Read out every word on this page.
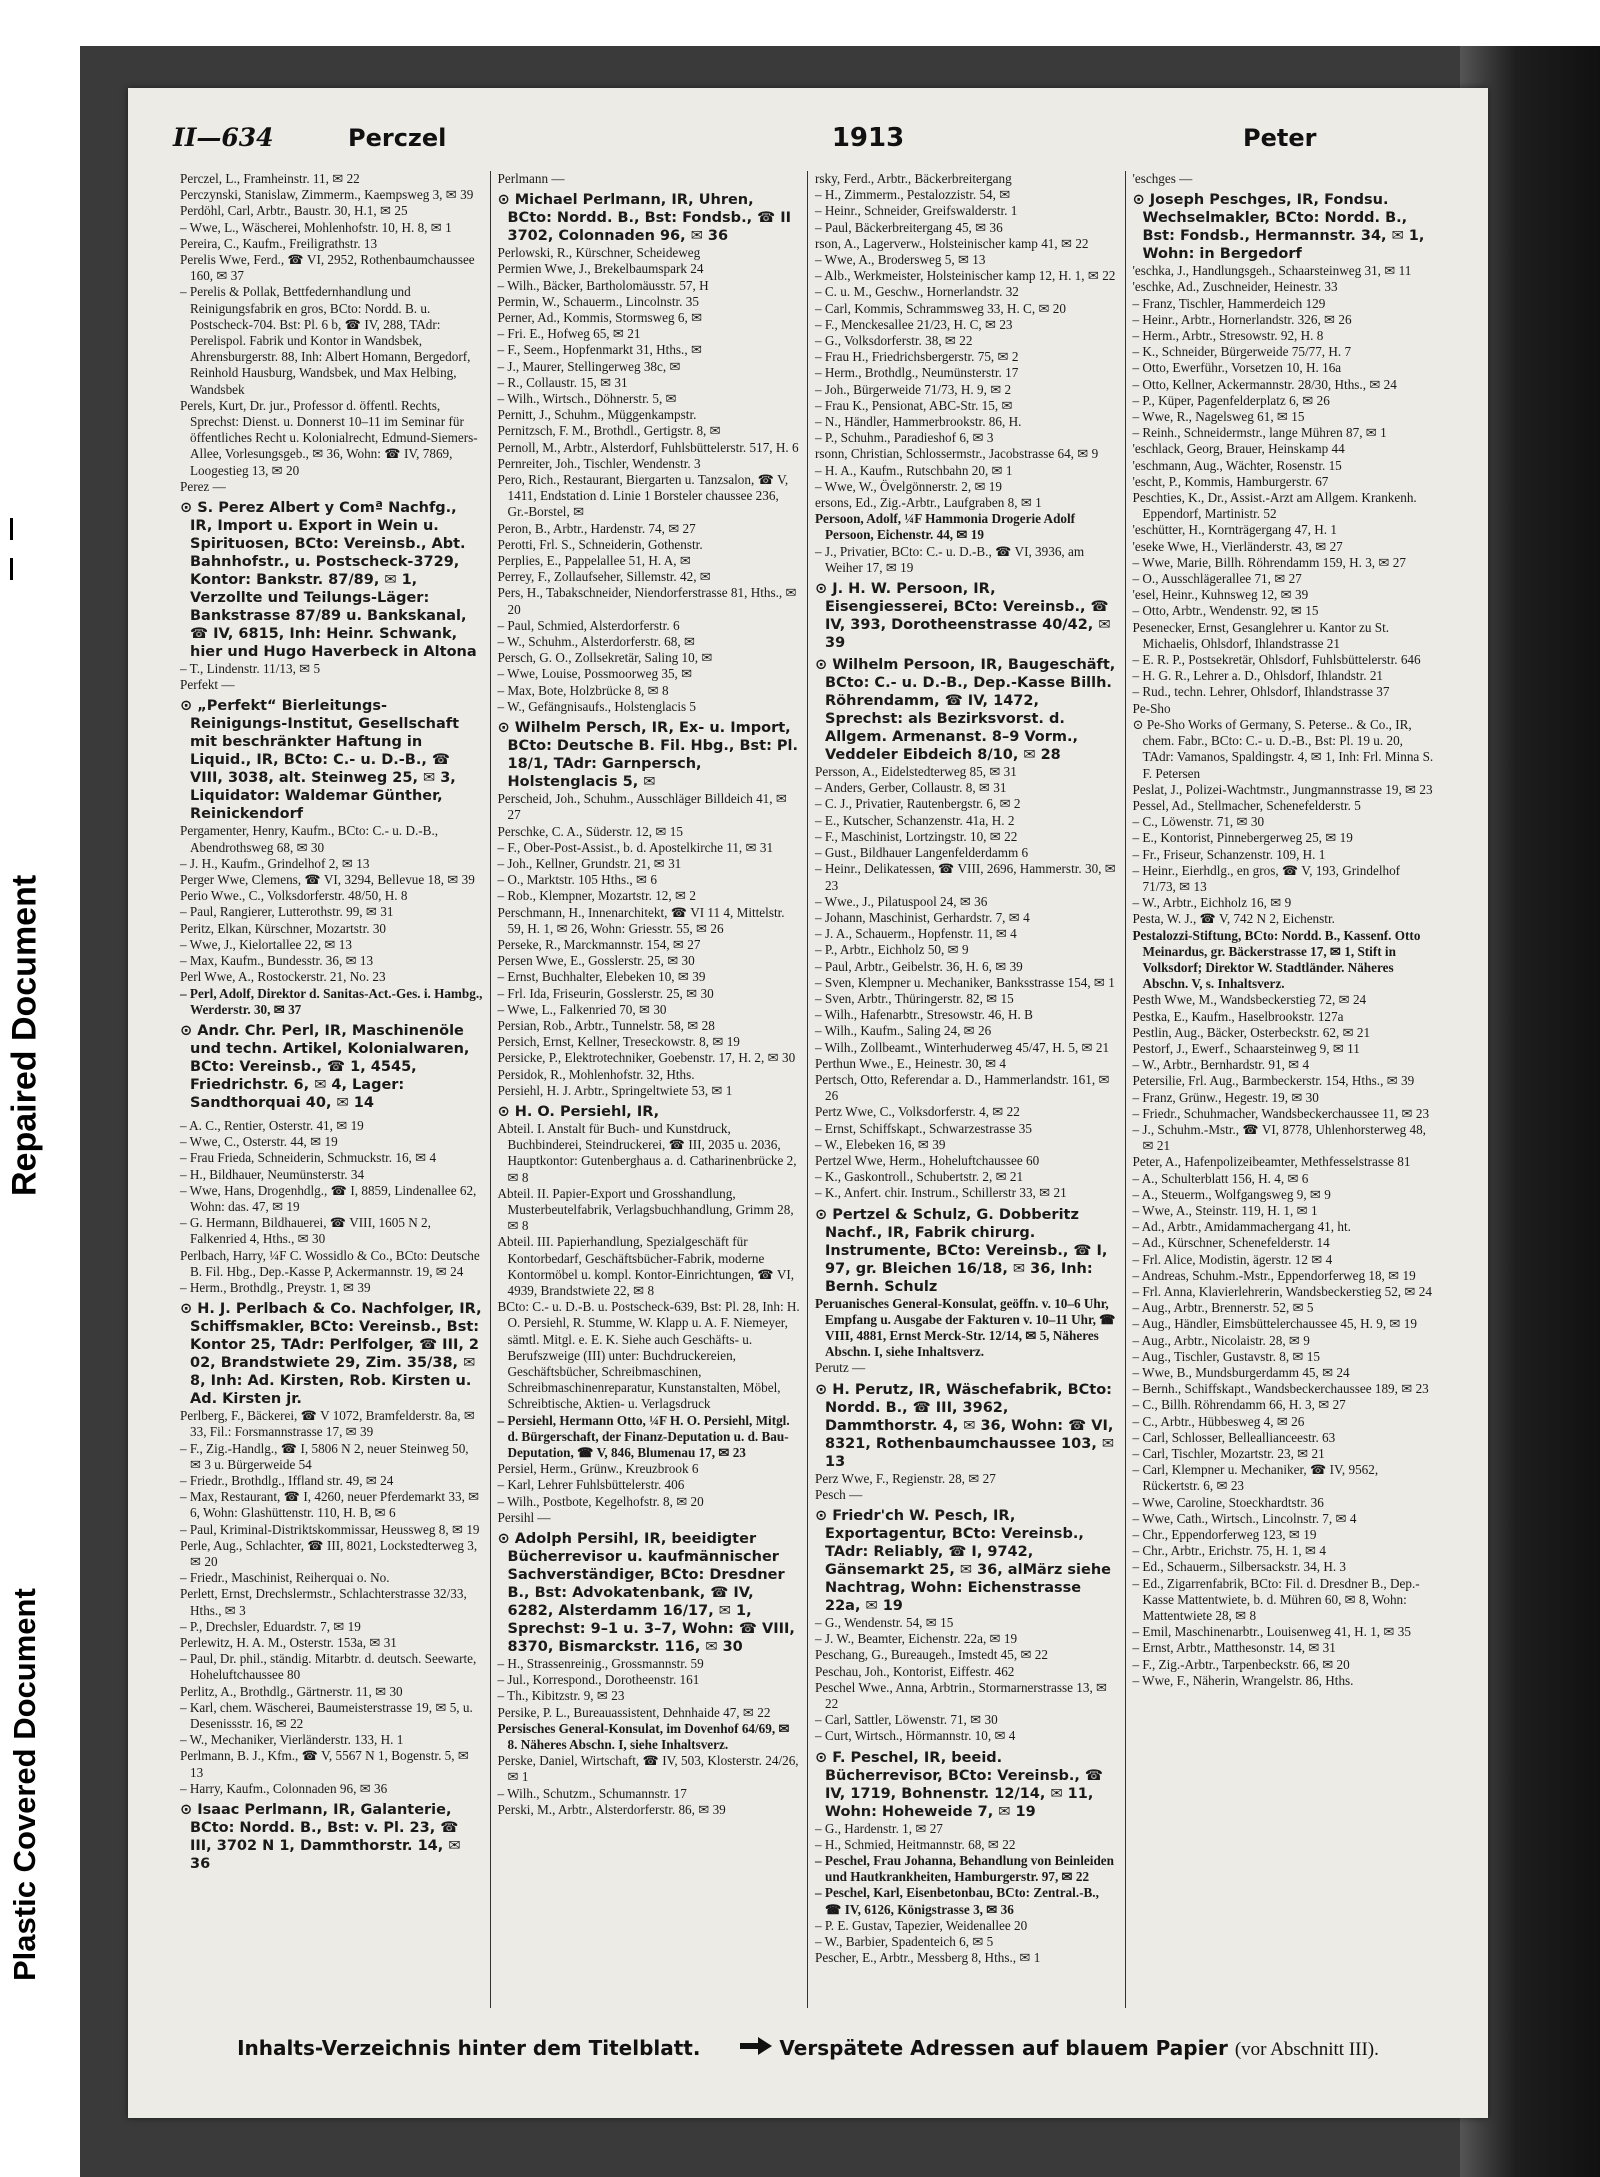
Repaired Document
Plastic Covered Document
II—634	Perczel	1913	Peter

Perczel, L., Framheinstr. 11, ✉ 22

Perczynski, Stanislaw, Zimmerm., Kaempsweg 3, ✉ 39

Perdöhl, Carl, Arbtr., Baustr. 30, H.1, ✉ 25

– Wwe, L., Wäscherei, Mohlenhofstr. 10, H. 8, ✉ 1

Pereira, C., Kaufm., Freiligrathstr. 13

Perelis Wwe, Ferd., ☎ VI, 2952, Rothenbaumchaussee 160, ✉ 37

– Perelis & Pollak, Bettfedernhandlung und Reinigungsfabrik en gros, BCto: Nordd. B. u. Postscheck-704. Bst: Pl. 6 b, ☎ IV, 288, TAdr: Perelispol. Fabrik und Kontor in Wandsbek, Ahrensburgerstr. 88, Inh: Albert Homann, Bergedorf, Reinhold Hausburg, Wandsbek, und Max Helbing, Wandsbek

Perels, Kurt, Dr. jur., Professor d. öffentl. Rechts, Sprechst: Dienst. u. Donnerst 10–11 im Seminar für öffentliches Recht u. Kolonialrecht, Edmund-Siemers-Allee, Vorlesungsgeb., ✉ 36, Wohn: ☎ IV, 7869, Loogestieg 13, ✉ 20

Perez —

⊙ S. Perez Albert y Comª Nachfg., IR, Import u. Export in Wein u. Spirituosen, BCto: Vereinsb., Abt. Bahnhofstr., u. Postscheck-3729, Kontor: Bankstr. 87/89, ✉ 1, Verzollte und Teilungs-Läger: Bankstrasse 87/89 u. Bankskanal, ☎ IV, 6815, Inh: Heinr. Schwank, hier und Hugo Haverbeck in Altona

– T., Lindenstr. 11/13, ✉ 5

Perfekt —

⊙ „Perfekt“ Bierleitungs-Reinigungs-Institut, Gesellschaft mit beschränkter Haftung in Liquid., IR, BCto: C.- u. D.-B., ☎ VIII, 3038, alt. Steinweg 25, ✉ 3, Liquidator: Waldemar Günther, Reinickendorf

Pergamenter, Henry, Kaufm., BCto: C.- u. D.-B., Abendrothsweg 68, ✉ 30

– J. H., Kaufm., Grindelhof 2, ✉ 13

Perger Wwe, Clemens, ☎ VI, 3294, Bellevue 18, ✉ 39

Perio Wwe., C., Volksdorferstr. 48/50, H. 8

– Paul, Rangierer, Lutterothstr. 99, ✉ 31

Peritz, Elkan, Kürschner, Mozartstr. 30

– Wwe, J., Kielortallee 22, ✉ 13

– Max, Kaufm., Bundesstr. 36, ✉ 13

Perl Wwe, A., Rostockerstr. 21, No. 23

– Perl, Adolf, Direktor d. Sanitas-Act.-Ges. i. Hambg., Werderstr. 30, ✉ 37

⊙ Andr. Chr. Perl, IR, Maschinenöle und techn. Artikel, Kolonialwaren, BCto: Vereinsb., ☎ 1, 4545, Friedrichstr. 6, ✉ 4, Lager: Sandthorquai 40, ✉ 14

– A. C., Rentier, Osterstr. 41, ✉ 19

– Wwe, C., Osterstr. 44, ✉ 19

– Frau Frieda, Schneiderin, Schmuckstr. 16, ✉ 4

– H., Bildhauer, Neumünsterstr. 34

– Wwe, Hans, Drogenhdlg., ☎ I, 8859, Lindenallee 62, Wohn: das. 47, ✉ 19

– G. Hermann, Bildhauerei, ☎ VIII, 1605 N 2, Falkenried 4, Hths., ✉ 30

Perlbach, Harry, ¼F C. Wossidlo & Co., BCto: Deutsche B. Fil. Hbg., Dep.-Kasse P, Ackermannstr. 19, ✉ 24

– Herm., Brothdlg., Preystr. 1, ✉ 39

⊙ H. J. Perlbach & Co. Nachfolger, IR, Schiffsmakler, BCto: Vereinsb., Bst: Kontor 25, TAdr: Perlfolger, ☎ III, 2 02, Brandstwiete 29, Zim. 35/38, ✉ 8, Inh: Ad. Kirsten, Rob. Kirsten u. Ad. Kirsten jr.

Perlberg, F., Bäckerei, ☎ V 1072, Bramfelderstr. 8a, ✉ 33, Fil.: Forsmannstrasse 17, ✉ 39

– F., Zig.-Handlg., ☎ I, 5806 N 2, neuer Steinweg 50, ✉ 3 u. Bürgerweide 54

– Friedr., Brothdlg., Iffland str. 49, ✉ 24

– Max, Restaurant, ☎ I, 4260, neuer Pferdemarkt 33, ✉ 6, Wohn: Glashüttenstr. 110, H. B, ✉ 6

– Paul, Kriminal-Distriktskommissar, Heussweg 8, ✉ 19

Perle, Aug., Schlachter, ☎ III, 8021, Lockstedterweg 3, ✉ 20

– Friedr., Maschinist, Reiherquai o. No.

Perlett, Ernst, Drechslermstr., Schlachterstrasse 32/33, Hths., ✉ 3

– P., Drechsler, Eduardstr. 7, ✉ 19

Perlewitz, H. A. M., Osterstr. 153a, ✉ 31

– Paul, Dr. phil., ständig. Mitarbtr. d. deutsch. Seewarte, Hoheluftchaussee 80

Perlitz, A., Brothdlg., Gärtnerstr. 11, ✉ 30

– Karl, chem. Wäscherei, Baumeisterstrasse 19, ✉ 5, u. Desenissstr. 16, ✉ 22

– W., Mechaniker, Vierländerstr. 133, H. 1

Perlmann, B. J., Kfm., ☎ V, 5567 N 1, Bogenstr. 5, ✉ 13

– Harry, Kaufm., Colonnaden 96, ✉ 36

⊙ Isaac Perlmann, IR, Galanterie, BCto: Nordd. B., Bst: v. Pl. 23, ☎ III, 3702 N 1, Dammthorstr. 14, ✉ 36

Perlmann —

⊙ Michael Perlmann, IR, Uhren, BCto: Nordd. B., Bst: Fondsb., ☎ II 3702, Colonnaden 96, ✉ 36

Perlowski, R., Kürschner, Scheideweg

Permien Wwe, J., Brekelbaumspark 24

– Wilh., Bäcker, Bartholomäusstr. 57, H

Permin, W., Schauerm., Lincolnstr. 35

Perner, Ad., Kommis, Stormsweg 6, ✉

– Fri. E., Hofweg 65, ✉ 21

– F., Seem., Hopfenmarkt 31, Hths., ✉

– J., Maurer, Stellingerweg 38c, ✉

– R., Collaustr. 15, ✉ 31

– Wilh., Wirtsch., Döhnerstr. 5, ✉

Pernitt, J., Schuhm., Müggenkampstr.

Pernitzsch, F. M., Brothdl., Gertigstr. 8, ✉

Pernoll, M., Arbtr., Alsterdorf, Fuhlsbüttelerstr. 517, H. 6

Pernreiter, Joh., Tischler, Wendenstr. 3

Pero, Rich., Restaurant, Biergarten u. Tanzsalon, ☎ V, 1411, Endstation d. Linie 1 Borsteler chaussee 236, Gr.-Borstel, ✉

Peron, B., Arbtr., Hardenstr. 74, ✉ 27

Perotti, Frl. S., Schneiderin, Gothenstr.

Perplies, E., Pappelallee 51, H. A, ✉

Perrey, F., Zollaufseher, Sillemstr. 42, ✉

Pers, H., Tabakschneider, Niendorferstrasse 81, Hths., ✉ 20

– Paul, Schmied, Alsterdorferstr. 6

– W., Schuhm., Alsterdorferstr. 68, ✉

Persch, G. O., Zollsekretär, Saling 10, ✉

– Wwe, Louise, Possmoorweg 35, ✉

– Max, Bote, Holzbrücke 8, ✉ 8

– W., Gefängnisaufs., Holstenglacis 5

⊙ Wilhelm Persch, IR, Ex- u. Import, BCto: Deutsche B. Fil. Hbg., Bst: Pl. 18/1, TAdr: Garnpersch, Holstenglacis 5, ✉

Perscheid, Joh., Schuhm., Ausschläger Billdeich 41, ✉ 27

Perschke, C. A., Süderstr. 12, ✉ 15

– F., Ober-Post-Assist., b. d. Apostelkirche 11, ✉ 31

– Joh., Kellner, Grundstr. 21, ✉ 31

– O., Marktstr. 105 Hths., ✉ 6

– Rob., Klempner, Mozartstr. 12, ✉ 2

Perschmann, H., Innenarchitekt, ☎ VI 11 4, Mittelstr. 59, H. 1, ✉ 26, Wohn: Griesstr. 55, ✉ 26

Perseke, R., Marckmannstr. 154, ✉ 27

Persen Wwe, E., Gosslerstr. 25, ✉ 30

– Ernst, Buchhalter, Elebeken 10, ✉ 39

– Frl. Ida, Friseurin, Gosslerstr. 25, ✉ 30

– Wwe, L., Falkenried 70, ✉ 30

Persian, Rob., Arbtr., Tunnelstr. 58, ✉ 28

Persich, Ernst, Kellner, Treseckowstr. 8, ✉ 19

Persicke, P., Elektrotechniker, Goebenstr. 17, H. 2, ✉ 30

Persidok, R., Mohlenhofstr. 32, Hths.

Persiehl, H. J. Arbtr., Springeltwiete 53, ✉ 1

⊙ H. O. Persiehl, IR,

Abteil. I. Anstalt für Buch- und Kunstdruck, Buchbinderei, Steindruckerei, ☎ III, 2035 u. 2036, Hauptkontor: Gutenberghaus a. d. Catharinenbrücke 2, ✉ 8

Abteil. II. Papier-Export und Grosshandlung, Musterbeutelfabrik, Verlagsbuchhandlung, Grimm 28, ✉ 8

Abteil. III. Papierhandlung, Spezialgeschäft für Kontorbedarf, Geschäftsbücher-Fabrik, moderne Kontormöbel u. kompl. Kontor-Einrichtungen, ☎ VI, 4939, Brandstwiete 22, ✉ 8

BCto: C.- u. D.-B. u. Postscheck-639, Bst: Pl. 28, Inh: H. O. Persiehl, R. Stumme, W. Klapp u. A. F. Niemeyer, sämtl. Mitgl. e. E. K. Siehe auch Geschäfts- u. Berufszweige (III) unter: Buchdruckereien, Geschäftsbücher, Schreibmaschinen, Schreibmaschinenreparatur, Kunstanstalten, Möbel, Schreibtische, Aktien- u. Verlagsdruck

– Persiehl, Hermann Otto, ¼F H. O. Persiehl, Mitgl. d. Bürgerschaft, der Finanz-Deputation u. d. Bau-Deputation, ☎ V, 846, Blumenau 17, ✉ 23

Persiel, Herm., Grünw., Kreuzbrook 6

– Karl, Lehrer Fuhlsbüttelerstr. 406

– Wilh., Postbote, Kegelhofstr. 8, ✉ 20

Persihl —

⊙ Adolph Persihl, IR, beeidigter Bücherrevisor u. kaufmännischer Sachverständiger, BCto: Dresdner B., Bst: Advokatenbank, ☎ IV, 6282, Alsterdamm 16/17, ✉ 1, Sprechst: 9–1 u. 3–7, Wohn: ☎ VIII, 8370, Bismarckstr. 116, ✉ 30

– H., Strassenreinig., Grossmannstr. 59

– Jul., Korrespond., Dorotheenstr. 161

– Th., Kibitzstr. 9, ✉ 23

Persike, P. L., Bureauassistent, Dehnhaide 47, ✉ 22

Persisches General-Konsulat, im Dovenhof 64/69, ✉ 8. Näheres Abschn. I, siehe Inhaltsverz.

Perske, Daniel, Wirtschaft, ☎ IV, 503, Klosterstr. 24/26, ✉ 1

– Wilh., Schutzm., Schumannstr. 17

Perski, M., Arbtr., Alsterdorferstr. 86, ✉ 39

rsky, Ferd., Arbtr., Bäckerbreitergang

– H., Zimmerm., Pestalozzistr. 54, ✉

– Heinr., Schneider, Greifswalderstr. 1

– Paul, Bäckerbreitergang 45, ✉ 36

rson, A., Lagerverw., Holsteinischer kamp 41, ✉ 22

– Wwe, A., Brodersweg 5, ✉ 13

– Alb., Werkmeister, Holsteinischer kamp 12, H. 1, ✉ 22

– C. u. M., Geschw., Hornerlandstr. 32

– Carl, Kommis, Schrammsweg 33, H. C, ✉ 20

– F., Menckesallee 21/23, H. C, ✉ 23

– G., Volksdorferstr. 38, ✉ 22

– Frau H., Friedrichsbergerstr. 75, ✉ 2

– Herm., Brothdlg., Neumünsterstr. 17

– Joh., Bürgerweide 71/73, H. 9, ✉ 2

– Frau K., Pensionat, ABC-Str. 15, ✉

– N., Händler, Hammerbrookstr. 86, H.

– P., Schuhm., Paradieshof 6, ✉ 3

rsonn, Christian, Schlossermstr., Jacobstrasse 64, ✉ 9

– H. A., Kaufm., Rutschbahn 20, ✉ 1

– Wwe, W., Övelgönnerstr. 2, ✉ 19

ersons, Ed., Zig.-Arbtr., Laufgraben 8, ✉ 1

Persoon, Adolf, ¼F Hammonia Drogerie Adolf Persoon, Eichenstr. 44, ✉ 19

– J., Privatier, BCto: C.- u. D.-B., ☎ VI, 3936, am Weiher 17, ✉ 19

⊙ J. H. W. Persoon, IR, Eisengiesserei, BCto: Vereinsb., ☎ IV, 393, Dorotheenstrasse 40/42, ✉ 39

⊙ Wilhelm Persoon, IR, Baugeschäft, BCto: C.- u. D.-B., Dep.-Kasse Billh. Röhrendamm, ☎ IV, 1472, Sprechst: als Bezirksvorst. d. Allgem. Armenanst. 8–9 Vorm., Veddeler Eibdeich 8/10, ✉ 28

Persson, A., Eidelstedterweg 85, ✉ 31

– Anders, Gerber, Collaustr. 8, ✉ 31

– C. J., Privatier, Rautenbergstr. 6, ✉ 2

– E., Kutscher, Schanzenstr. 41a, H. 2

– F., Maschinist, Lortzingstr. 10, ✉ 22

– Gust., Bildhauer Langenfelderdamm 6

– Heinr., Delikatessen, ☎ VIII, 2696, Hammerstr. 30, ✉ 23

– Wwe., J., Pilatuspool 24, ✉ 36

– Johann, Maschinist, Gerhardstr. 7, ✉ 4

– J. A., Schauerm., Hopfenstr. 11, ✉ 4

– P., Arbtr., Eichholz 50, ✉ 9

– Paul, Arbtr., Geibelstr. 36, H. 6, ✉ 39

– Sven, Klempner u. Mechaniker, Banksstrasse 154, ✉ 1

– Sven, Arbtr., Thüringerstr. 82, ✉ 15

– Wilh., Hafenarbtr., Stresowstr. 46, H. B

– Wilh., Kaufm., Saling 24, ✉ 26

– Wilh., Zollbeamt., Winterhuderweg 45/47, H. 5, ✉ 21

Perthun Wwe., E., Heinestr. 30, ✉ 4

Pertsch, Otto, Referendar a. D., Hammerlandstr. 161, ✉ 26

Pertz Wwe, C., Volksdorferstr. 4, ✉ 22

– Ernst, Schiffskapt., Schwarzestrasse 35

– W., Elebeken 16, ✉ 39

Pertzel Wwe, Herm., Hoheluftchaussee 60

– K., Gaskontroll., Schubertstr. 2, ✉ 21

– K., Anfert. chir. Instrum., Schillerstr 33, ✉ 21

⊙ Pertzel & Schulz, G. Dobberitz Nachf., IR, Fabrik chirurg. Instrumente, BCto: Vereinsb., ☎ I, 97, gr. Bleichen 16/18, ✉ 36, Inh: Bernh. Schulz

Peruanisches General-Konsulat, geöffn. v. 10–6 Uhr, Empfang u. Ausgabe der Fakturen v. 10–11 Uhr, ☎ VIII, 4881, Ernst Merck-Str. 12/14, ✉ 5, Näheres Abschn. I, siehe Inhaltsverz.

Perutz —

⊙ H. Perutz, IR, Wäschefabrik, BCto: Nordd. B., ☎ III, 3962, Dammthorstr. 4, ✉ 36, Wohn: ☎ VI, 8321, Rothenbaumchaussee 103, ✉ 13

Perz Wwe, F., Regienstr. 28, ✉ 27

Pesch —

⊙ Friedr'ch W. Pesch, IR, Exportagentur, BCto: Vereinsb., TAdr: Reliably, ☎ I, 9742, Gänsemarkt 25, ✉ 36, alMärz siehe Nachtrag, Wohn: Eichenstrasse 22a, ✉ 19

– G., Wendenstr. 54, ✉ 15

– J. W., Beamter, Eichenstr. 22a, ✉ 19

Peschang, G., Bureaugeh., Imstedt 45, ✉ 22

Peschau, Joh., Kontorist, Eiffestr. 462

Peschel Wwe., Anna, Arbtrin., Stormarnerstrasse 13, ✉ 22

– Carl, Sattler, Löwenstr. 71, ✉ 30

– Curt, Wirtsch., Hörmannstr. 10, ✉ 4

⊙ F. Peschel, IR, beeid. Bücherrevisor, BCto: Vereinsb., ☎ IV, 1719, Bohnenstr. 12/14, ✉ 11, Wohn: Hoheweide 7, ✉ 19

– G., Hardenstr. 1, ✉ 27

– H., Schmied, Heitmannstr. 68, ✉ 22

– Peschel, Frau Johanna, Behandlung von Beinleiden und Hautkrankheiten, Hamburgerstr. 97, ✉ 22

– Peschel, Karl, Eisenbetonbau, BCto: Zentral.-B., ☎ IV, 6126, Königstrasse 3, ✉ 36

– P. E. Gustav, Tapezier, Weidenallee 20

– W., Barbier, Spadenteich 6, ✉ 5

Pescher, E., Arbtr., Messberg 8, Hths., ✉ 1

'eschges —

⊙ Joseph Peschges, IR, Fondsu. Wechselmakler, BCto: Nordd. B., Bst: Fondsb., Hermannstr. 34, ✉ 1, Wohn: in Bergedorf

'eschka, J., Handlungsgeh., Schaarsteinweg 31, ✉ 11

'eschke, Ad., Zuschneider, Heinestr. 33

– Franz, Tischler, Hammerdeich 129

– Heinr., Arbtr., Hornerlandstr. 326, ✉ 26

– Herm., Arbtr., Stresowstr. 92, H. 8

– K., Schneider, Bürgerweide 75/77, H. 7

– Otto, Ewerführ., Vorsetzen 10, H. 16a

– Otto, Kellner, Ackermannstr. 28/30, Hths., ✉ 24

– P., Küper, Pagenfelderplatz 6, ✉ 26

– Wwe, R., Nagelsweg 61, ✉ 15

– Reinh., Schneidermstr., lange Mühren 87, ✉ 1

'eschlack, Georg, Brauer, Heinskamp 44

'eschmann, Aug., Wächter, Rosenstr. 15

'escht, P., Kommis, Hamburgerstr. 67

Peschties, K., Dr., Assist.-Arzt am Allgem. Krankenh. Eppendorf, Martinistr. 52

'eschütter, H., Kornträgergang 47, H. 1

'eseke Wwe, H., Vierländerstr. 43, ✉ 27

– Wwe, Marie, Billh. Röhrendamm 159, H. 3, ✉ 27

– O., Ausschlägerallee 71, ✉ 27

'esel, Heinr., Kuhnsweg 12, ✉ 39

– Otto, Arbtr., Wendenstr. 92, ✉ 15

Pesenecker, Ernst, Gesanglehrer u. Kantor zu St. Michaelis, Ohlsdorf, Ihlandstrasse 21

– E. R. P., Postsekretär, Ohlsdorf, Fuhlsbüttelerstr. 646

– H. G. R., Lehrer a. D., Ohlsdorf, Ihlandstr. 21

– Rud., techn. Lehrer, Ohlsdorf, Ihlandstrasse 37

Pe-Sho

⊙ Pe-Sho Works of Germany, S. Peterse.. & Co., IR, chem. Fabr., BCto: C.- u. D.-B., Bst: Pl. 19 u. 20, TAdr: Vamanos, Spaldingstr. 4, ✉ 1, Inh: Frl. Minna S. F. Petersen

Peslat, J., Polizei-Wachtmstr., Jungmannstrasse 19, ✉ 23

Pessel, Ad., Stellmacher, Schenefelderstr. 5

– C., Löwenstr. 71, ✉ 30

– E., Kontorist, Pinnebergerweg 25, ✉ 19

– Fr., Friseur, Schanzenstr. 109, H. 1

– Heinr., Eierhdlg., en gros, ☎ V, 193, Grindelhof 71/73, ✉ 13

– W., Arbtr., Eichholz 16, ✉ 9

Pesta, W. J., ☎ V, 742 N 2, Eichenstr.

Pestalozzi-Stiftung, BCto: Nordd. B., Kassenf. Otto Meinardus, gr. Bäckerstrasse 17, ✉ 1, Stift in Volksdorf; Direktor W. Stadtländer. Näheres Abschn. V, s. Inhaltsverz.

Pesth Wwe, M., Wandsbeckerstieg 72, ✉ 24

Pestka, E., Kaufm., Haselbrookstr. 127a

Pestlin, Aug., Bäcker, Osterbeckstr. 62, ✉ 21

Pestorf, J., Ewerf., Schaarsteinweg 9, ✉ 11

– W., Arbtr., Bernhardstr. 91, ✉ 4

Petersilie, Frl. Aug., Barmbeckerstr. 154, Hths., ✉ 39

– Franz, Grünw., Hegestr. 19, ✉ 30

– Friedr., Schuhmacher, Wandsbeckerchaussee 11, ✉ 23

– J., Schuhm.-Mstr., ☎ VI, 8778, Uhlenhorsterweg 48, ✉ 21

Peter, A., Hafenpolizeibeamter, Methfesselstrasse 81

– A., Schulterblatt 156, H. 4, ✉ 6

– A., Steuerm., Wolfgangsweg 9, ✉ 9

– Wwe, A., Steinstr. 119, H. 1, ✉ 1

– Ad., Arbtr., Amidammachergang 41, ht.

– Ad., Kürschner, Schenefelderstr. 14

– Frl. Alice, Modistin, ägerstr. 12 ✉ 4

– Andreas, Schuhm.-Mstr., Eppendorferweg 18, ✉ 19

– Frl. Anna, Klavierlehrerin, Wandsbeckerstieg 52, ✉ 24

– Aug., Arbtr., Brennerstr. 52, ✉ 5

– Aug., Händler, Eimsbüttelerchaussee 45, H. 9, ✉ 19

– Aug., Arbtr., Nicolaistr. 28, ✉ 9

– Aug., Tischler, Gustavstr. 8, ✉ 15

– Wwe, B., Mundsburgerdamm 45, ✉ 24

– Bernh., Schiffskapt., Wandsbeckerchaussee 189, ✉ 23

– C., Billh. Röhrendamm 66, H. 3, ✉ 27

– C., Arbtr., Hübbesweg 4, ✉ 26

– Carl, Schlosser, Belleallianceestr. 63

– Carl, Tischler, Mozartstr. 23, ✉ 21

– Carl, Klempner u. Mechaniker, ☎ IV, 9562, Rückertstr. 6, ✉ 23

– Wwe, Caroline, Stoeckhardtstr. 36

– Wwe, Cath., Wirtsch., Lincolnstr. 7, ✉ 4

– Chr., Eppendorferweg 123, ✉ 19

– Chr., Arbtr., Erichstr. 75, H. 1, ✉ 4

– Ed., Schauerm., Silbersackstr. 34, H. 3

– Ed., Zigarrenfabrik, BCto: Fil. d. Dresdner B., Dep.-Kasse Mattentwiete, b. d. Mühren 60, ✉ 8, Wohn: Mattentwiete 28, ✉ 8

– Emil, Maschinenarbtr., Louisenweg 41, H. 1, ✉ 35

– Ernst, Arbtr., Matthesonstr. 14, ✉ 31

– F., Zig.-Arbtr., Tarpenbeckstr. 66, ✉ 20

– Wwe, F., Näherin, Wrangelstr. 86, Hths.

Inhalts-Verzeichnis hinter dem Titelblatt.	Verspätete Adressen auf blauem Papier (vor Abschnitt III).
